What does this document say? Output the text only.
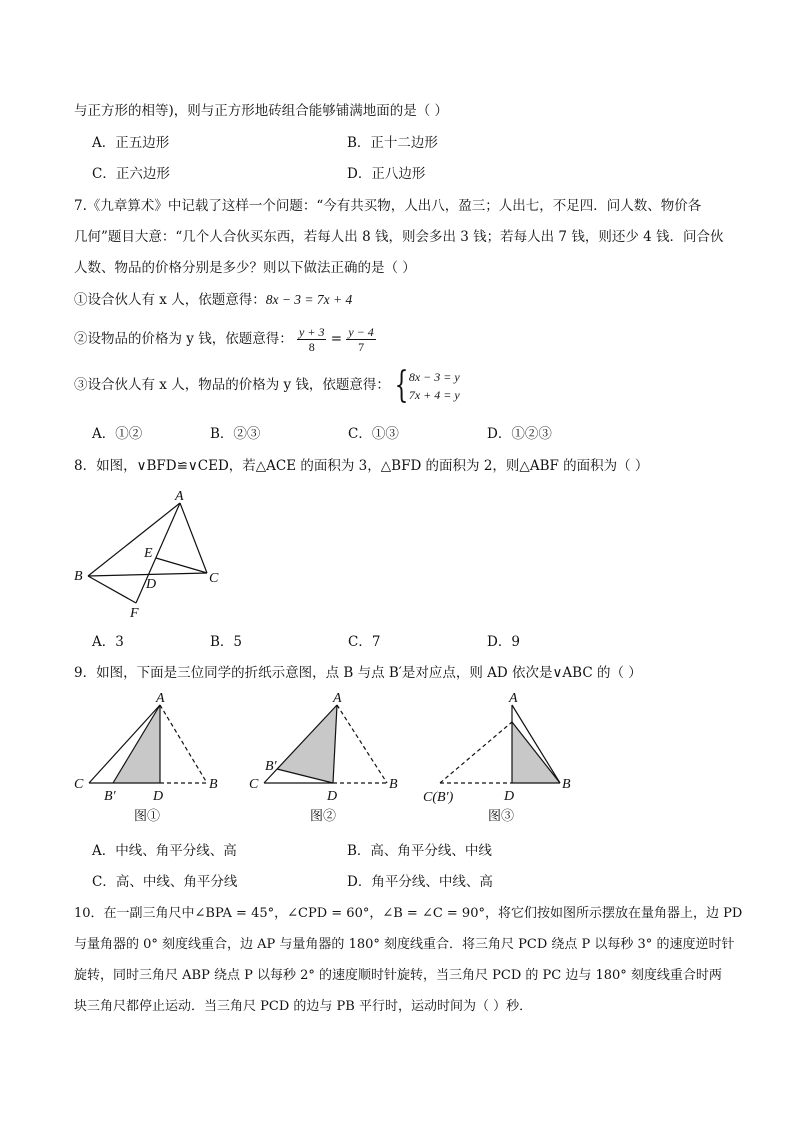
与正方形的相等)，则与正方形地砖组合能够铺满地面的是（ ）
A．正五边形	B．正十二边形
C．正六边形	D．正八边形
7.《九章算术》中记载了这样一个问题：“今有共买物，人出八，盈三；人出七，不足四．问人数、物价各
几何”题目大意：“几个人合伙买东西，若每人出 8 钱，则会多出 3 钱；若每人出 7 钱，则还少 4 钱．问合伙
人数、物品的价格分别是多少？则以下做法正确的是（ ）
①设合伙人有 x 人，依题意得：8x − 3 = 7x + 4
②设物品的价格为 y 钱，依题意得： $\frac{y + 3}{8} = \frac{y - 4}{7}$
③设合伙人有 x 人，物品的价格为 y 钱，依题意得： { 8x − 3 = y
7x + 4 = y
A．①②	B．②③	C．①③	D．①②③
8．如图，∨BFD≌∨CED，若△ACE 的面积为 3，△BFD 的面积为 2，则△ABF 的面积为（ ）
A
B	C
D
E
F
A．3	B．5	C．7	D．9
9．如图，下面是三位同学的折纸示意图，点 B 与点 B′是对应点，则 AD 依次是∨ABC 的（ ）
A
C
B′	D
B
图①
A
B′
C
D
B
图②
A
C(B′)	D
B
图③
A．中线、角平分线、高	B．高、角平分线、中线
C．高、中线、角平分线	D．角平分线、中线、高
10．在一副三角尺中∠BPA = 45°，∠CPD = 60°，∠B = ∠C = 90°，将它们按如图所示摆放在量角器上，边 PD
与量角器的 0° 刻度线重合，边 AP 与量角器的 180° 刻度线重合．将三角尺 PCD 绕点 P 以每秒 3° 的速度逆时针
旋转，同时三角尺 ABP 绕点 P 以每秒 2° 的速度顺时针旋转，当三角尺 PCD 的 PC 边与 180° 刻度线重合时两
块三角尺都停止运动．当三角尺 PCD 的边与 PB 平行时，运动时间为（ ）秒．
